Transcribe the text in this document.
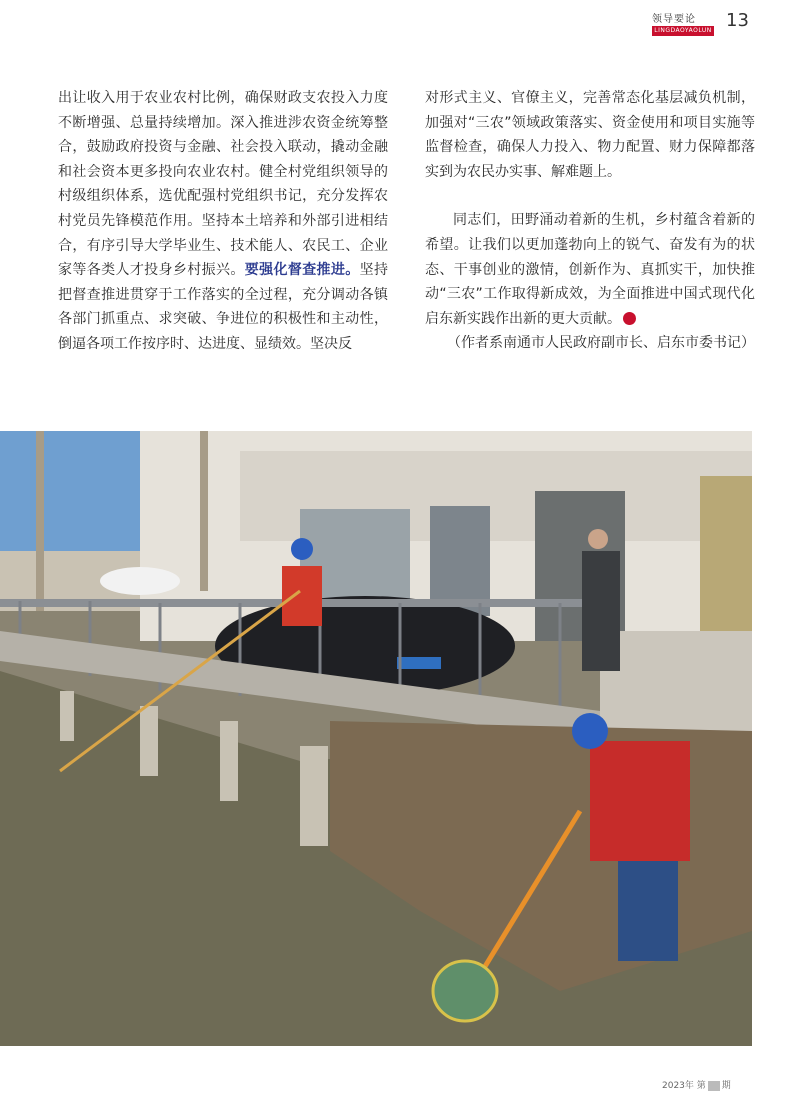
领导要论
LINGDAOYAOLUN 13

出让收入用于农业农村比例，确保财政支农投入力度不断增强、总量持续增加。深入推进涉农资金统筹整合，鼓励政府投资与金融、社会投入联动，撬动金融和社会资本更多投向农业农村。健全村党组织领导的村级组织体系，选优配强村党组织书记，充分发挥农村党员先锋模范作用。坚持本土培养和外部引进相结合，有序引导大学毕业生、技术能人、农民工、企业家等各类人才投身乡村振兴。要强化督查推进。坚持把督查推进贯穿于工作落实的全过程，充分调动各镇各部门抓重点、求突破、争进位的积极性和主动性，倒逼各项工作按序时、达进度、显绩效。坚决反

对形式主义、官僚主义，完善常态化基层减负机制，加强对“三农”领域政策落实、资金使用和项目实施等监督检查，确保人力投入、物力配置、财力保障都落实到为农民办实事、解难题上。

同志们，田野涌动着新的生机，乡村蕴含着新的希望。让我们以更加蓬勃向上的锐气、奋发有为的状态、干事创业的激情，创新作为、真抓实干，加快推动“三农”工作取得新成效，为全面推进中国式现代化启东新实践作出新的更大贡献。

（作者系南通市人民政府副市长、启东市委书记）

2023年 第 期
